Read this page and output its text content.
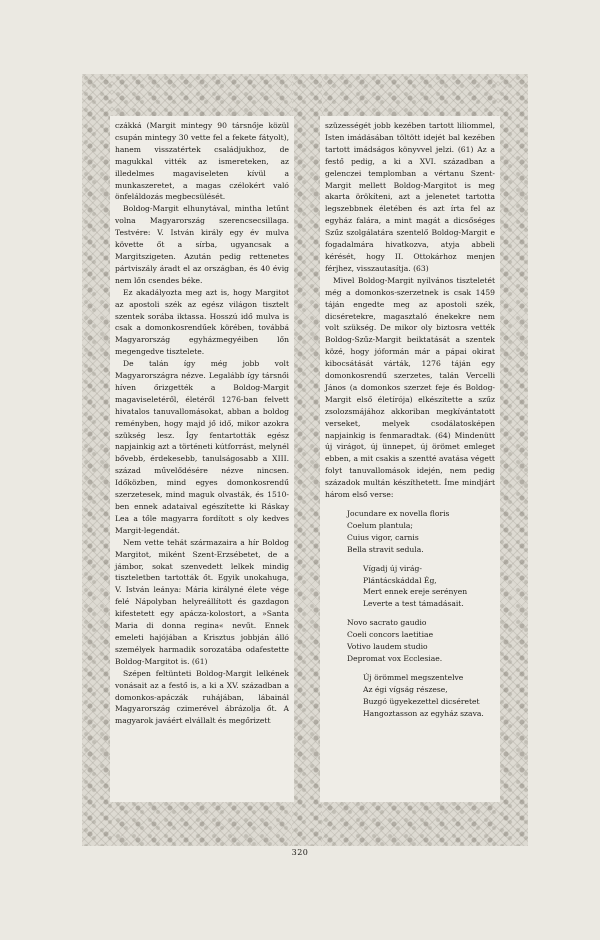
czákká (Margit mintegy 90 társnője közül csupán mintegy 30 vette fel a fekete fátyolt), hanem visszatértek családjukhoz, de magukkal vitték az ismereteken, az illedelmes magaviseleten kívül a munkaszeretet, a magas czélokért való önfeláldozás megbecsülését.

Boldog-Margit elhunytával, mintha letűnt volna Magyarország szerencsecsillaga. Testvére: V. István király egy év mulva követte őt a sírba, ugyancsak a Margitszigeten. Azután pedig rettenetes pártviszály áradt el az országban, és 40 évig nem lőn csendes béke.

Ez akadályozta meg azt is, hogy Margitot az apostoli szék az egész világon tisztelt szentek sorába iktassa. Hosszú idő mulva is csak a domonkosrendűek körében, továbbá Magyarország egyházmegyéiben lőn megengedve tisztelete.

De talán így még jobb volt Magyarországra nézve. Legalább így társnői híven őrizgették a Boldog-Margit magaviseletéről, életéről 1276-ban felvett hivatalos tanuvallomásokat, abban a boldog reményben, hogy majd jő idő, mikor azokra szükség lesz. Így fentartották egész napjainkig azt a történeti kútforrást, melynél bővebb, érdekesebb, tanulságosabb a XIII. század művelődésére nézve nincsen. Időközben, mind egyes domonkosrendű szerzetesek, mind maguk olvasták, és 1510-ben ennek adataival egészítette ki Ráskay Lea a tőle magyarra fordított s oly kedves Margit-legendát.

Nem vette tehát származaira a hír Boldog Margitot, miként Szent-Erzsébetet, de a jámbor, sokat szenvedett lelkek mindig tiszteletben tartották őt. Egyik unokahuga, V. István leánya: Mária királyné élete vége felé Nápolyban helyreállított és gazdagon kifestetett egy apácza-kolostort, a »Santa Maria di donna regina« nevűt. Ennek emeleti hajójában a Krisztus jobbján álló személyek harmadik sorozatába odafestette Boldog-Margitot is. (61)

Szépen feltünteti Boldog-Margit lelkének vonásait az a festő is, a ki a XV. században a domonkos-apáczák ruhájában, lábainál Magyarország czimerével ábrázolja őt. A magyarok javáért elvállalt és megőrizett

szüzességét jobb kezében tartott liliommel, Isten imádásában töltött idejét bal kezében tartott imádságos könyvvel jelzi. (61) Az a festő pedig, a ki a XVI. században a gelenczei templomban a vértanu Szent-Margit mellett Boldog-Margitot is meg akarta örökíteni, azt a jelenetet tartotta legszebbnek életében és azt írta fel az egyház falára, a mint magát a dicsőséges Szűz szolgálatára szentelő Boldog-Margit e fogadalmára hivatkozva, atyja abbeli kérését, hogy II. Ottokárhoz menjen férjhez, visszautasítja. (63)

Mivel Boldog-Margit nyilvános tiszteletét még a domonkos-szerzetnek is csak 1459 táján engedte meg az apostoli szék, dicséretekre, magasztaló énekekre nem volt szükség. De mikor oly biztosra vették Boldog-Szűz-Margit beiktatását a szentek közé, hogy jóformán már a pápai okirat kibocsátását várták, 1276 táján egy domonkosrendű szerzetes, talán Vercelli János (a domonkos szerzet feje és Boldog-Margit első életírója) elkészítette a szűz zsolozsmájához akkoriban megkívántatott verseket, melyek csodálatosképen napjainkig is fenmaradtak. (64) Mindenütt új virágot, új ünnepet, új örömet emleget ebben, a mit csakis a szentté avatása végett folyt tanuvallomások idején, nem pedig századok multán készíthetett. Íme mindjárt három első verse:

Jocundare ex novella floris
Coelum plantula;
Cuius vigor, carnis
Bella stravit sedula.
Vígadj új virág-
Plántácskáddal Ég,
Mert ennek ereje serényen
Leverte a test támadásait.
Novo sacrato gaudio
Coeli concors laetitiae
Votivo laudem studio
Depromat vox Ecclesiae.
Új örömmel megszentelve
Az égi vígság részese,
Buzgó ügyekezettel dicséretet
Hangoztasson az egyház szava.
320
